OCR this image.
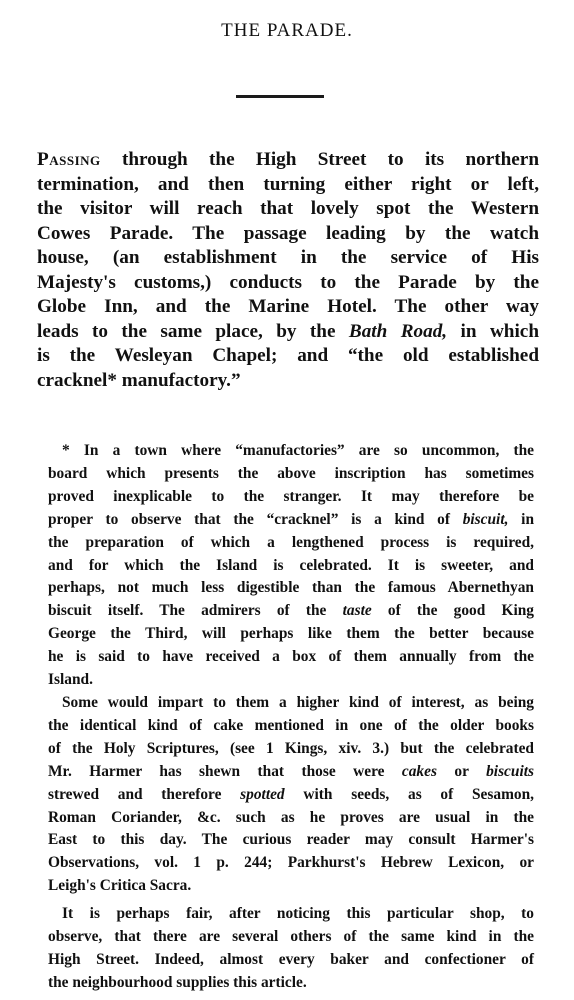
THE PARADE.
Passing through the High Street to its northern
termination, and then turning either right or left,
the visitor will reach that lovely spot the Western
Cowes Parade. The passage leading by the watch
house, (an establishment in the service of His
Majesty's customs,) conducts to the Parade by the
Globe Inn, and the Marine Hotel. The other way
leads to the same place, by the Bath Road, in which
is the Wesleyan Chapel; and “the old established
cracknel* manufactory.”
* In a town where “manufactories” are so uncommon, the
board which presents the above inscription has sometimes
proved inexplicable to the stranger. It may therefore be
proper to observe that the “cracknel” is a kind of biscuit, in
the preparation of which a lengthened process is required,
and for which the Island is celebrated. It is sweeter, and
perhaps, not much less digestible than the famous Abernethyan
biscuit itself. The admirers of the taste of the good King
George the Third, will perhaps like them the better because
he is said to have received a box of them annually from the
Island.
Some would impart to them a higher kind of interest, as being
the identical kind of cake mentioned in one of the older books
of the Holy Scriptures, (see 1 Kings, xiv. 3.) but the celebrated
Mr. Harmer has shewn that those were cakes or biscuits
strewed and therefore spotted with seeds, as of Sesamon,
Roman Coriander, &c. such as he proves are usual in the
East to this day. The curious reader may consult Harmer's
Observations, vol. 1 p. 244; Parkhurst's Hebrew Lexicon, or
Leigh's Critica Sacra.
It is perhaps fair, after noticing this particular shop, to
observe, that there are several others of the same kind in the
High Street. Indeed, almost every baker and confectioner of
the neighbourhood supplies this article.
